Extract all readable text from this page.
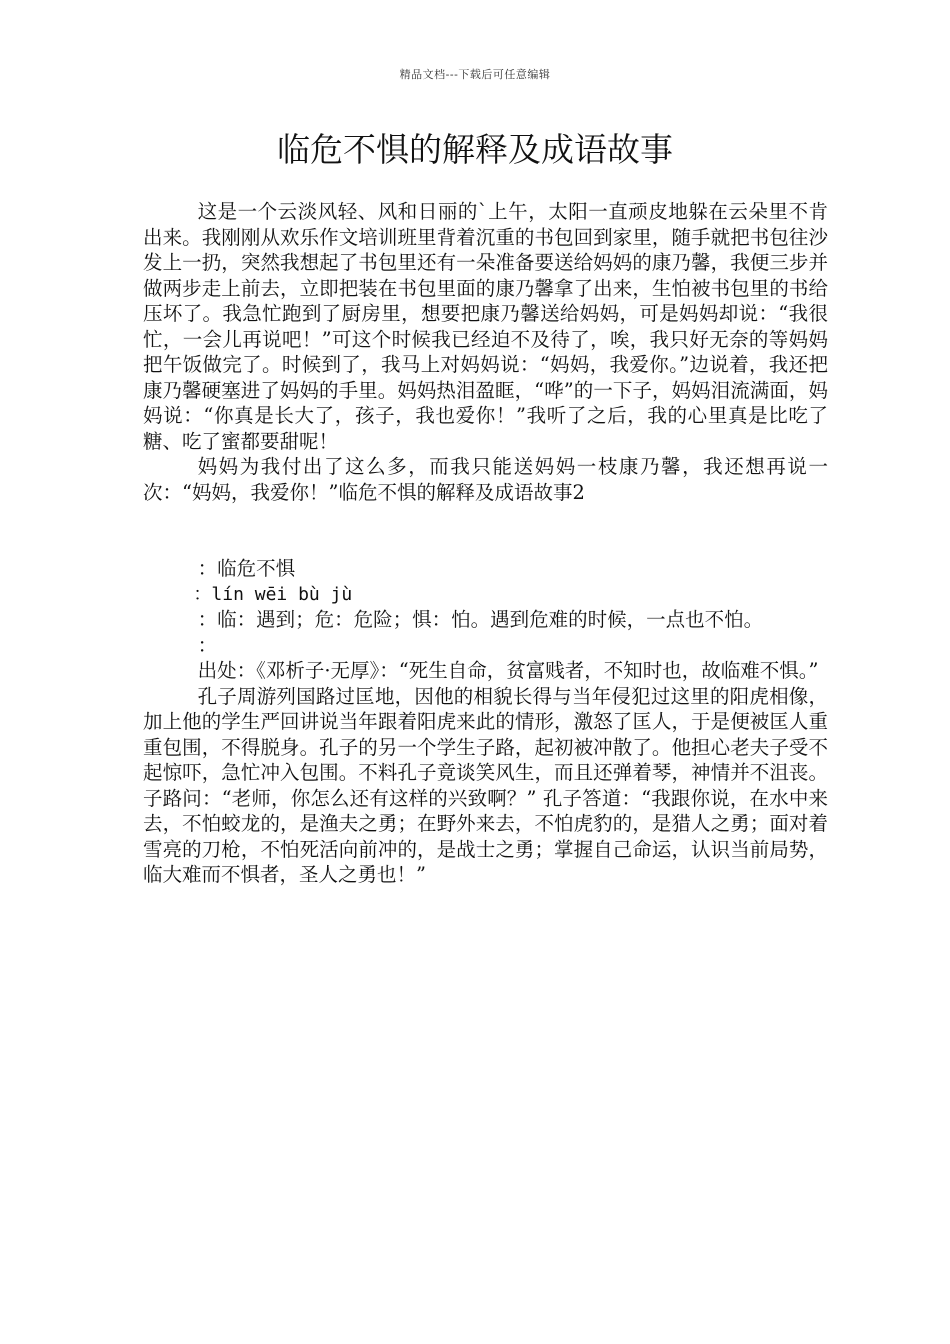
精品文档---下载后可任意编辑
临危不惧的解释及成语故事

这是一个云淡风轻、风和日丽的`上午，太阳一直顽皮地躲在云朵里不肯出来。我刚刚从欢乐作文培训班里背着沉重的书包回到家里，随手就把书包往沙发上一扔，突然我想起了书包里还有一朵准备要送给妈妈的康乃馨，我便三步并做两步走上前去，立即把装在书包里面的康乃馨拿了出来，生怕被书包里的书给压坏了。我急忙跑到了厨房里，想要把康乃馨送给妈妈，可是妈妈却说：“我很忙，一会儿再说吧！”可这个时候我已经迫不及待了，唉，我只好无奈的等妈妈把午饭做完了。时候到了，我马上对妈妈说：“妈妈，我爱你。”边说着，我还把康乃馨硬塞进了妈妈的手里。妈妈热泪盈眶，“哗”的一下子，妈妈泪流满面，妈妈说：“你真是长大了，孩子，我也爱你！”我听了之后，我的心里真是比吃了糖、吃了蜜都要甜呢！

妈妈为我付出了这么多，而我只能送妈妈一枝康乃馨，我还想再说一次：“妈妈，我爱你！”临危不惧的解释及成语故事2

：临危不惧

：lín wēi bù jù

：临：遇到；危：危险；惧：怕。遇到危难的时候，一点也不怕。

：

出处：《邓析子·无厚》：“死生自命，贫富贱者，不知时也，故临难不惧。”

孔子周游列国路过匡地，因他的相貌长得与当年侵犯过这里的阳虎相像，加上他的学生严回讲说当年跟着阳虎来此的情形，激怒了匡人，于是便被匡人重重包围，不得脱身。孔子的另一个学生子路，起初被冲散了。他担心老夫子受不起惊吓，急忙冲入包围。不料孔子竟谈笑风生，而且还弹着琴，神情并不沮丧。子路问：“老师，你怎么还有这样的兴致啊？” 孔子答道：“我跟你说，在水中来去，不怕蛟龙的，是渔夫之勇；在野外来去，不怕虎豹的，是猎人之勇；面对着雪亮的刀枪，不怕死活向前冲的，是战士之勇；掌握自己命运，认识当前局势，临大难而不惧者，圣人之勇也！”
